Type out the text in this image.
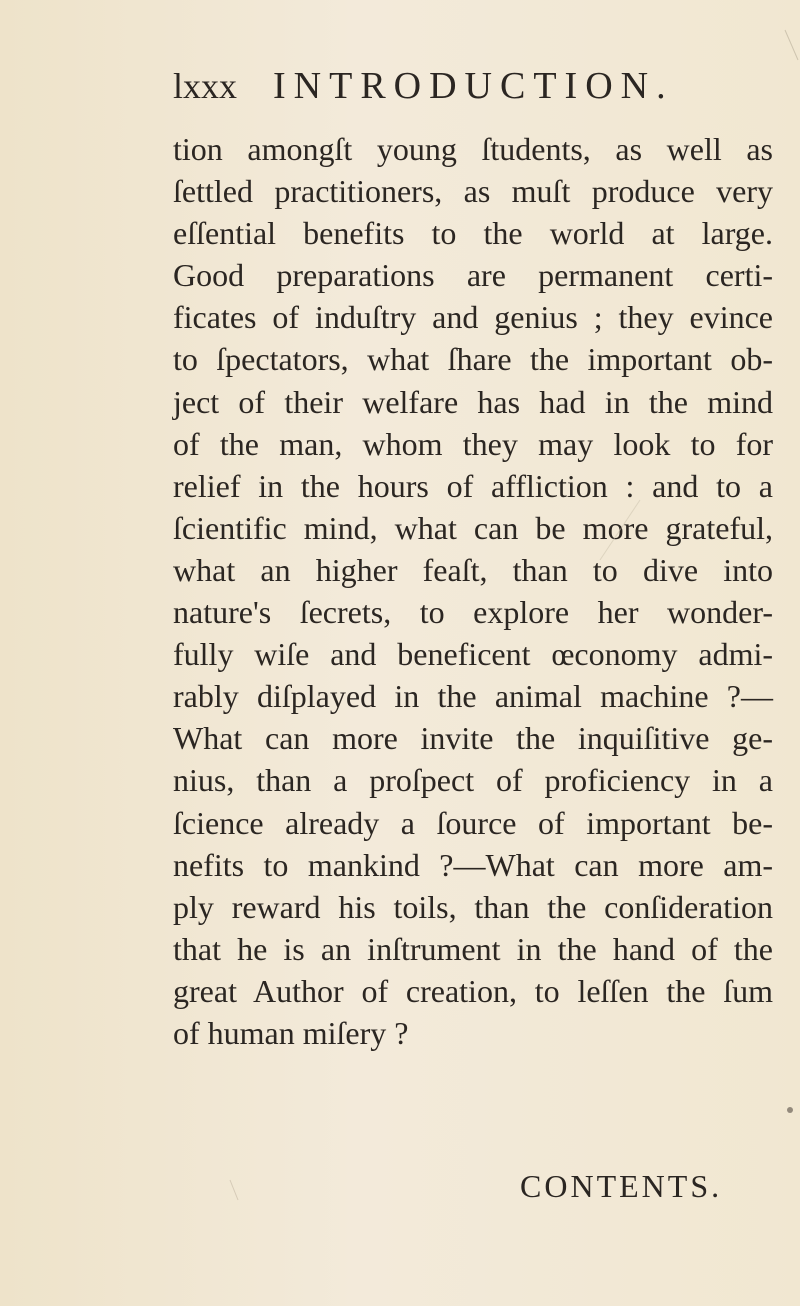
lxxx INTRODUCTION.
tion amongſt young ſtudents, as well as
ſettled practitioners, as muſt produce very
eſſential benefits to the world at large.
Good preparations are permanent certi-
ficates of induſtry and genius ; they evince
to ſpectators, what ſhare the important ob-
ject of their welfare has had in the mind
of the man, whom they may look to for
relief in the hours of affliction : and to a
ſcientific mind, what can be more grateful,
what an higher feaſt, than to dive into
nature's ſecrets, to explore her wonder-
fully wiſe and beneficent œconomy admi-
rably diſplayed in the animal machine ?—
What can more invite the inquiſitive ge-
nius, than a proſpect of proficiency in a
ſcience already a ſource of important be-
nefits to mankind ?—What can more am-
ply reward his toils, than the conſideration
that he is an inſtrument in the hand of the
great Author of creation, to leſſen the ſum
of human miſery ?
CONTENTS.
